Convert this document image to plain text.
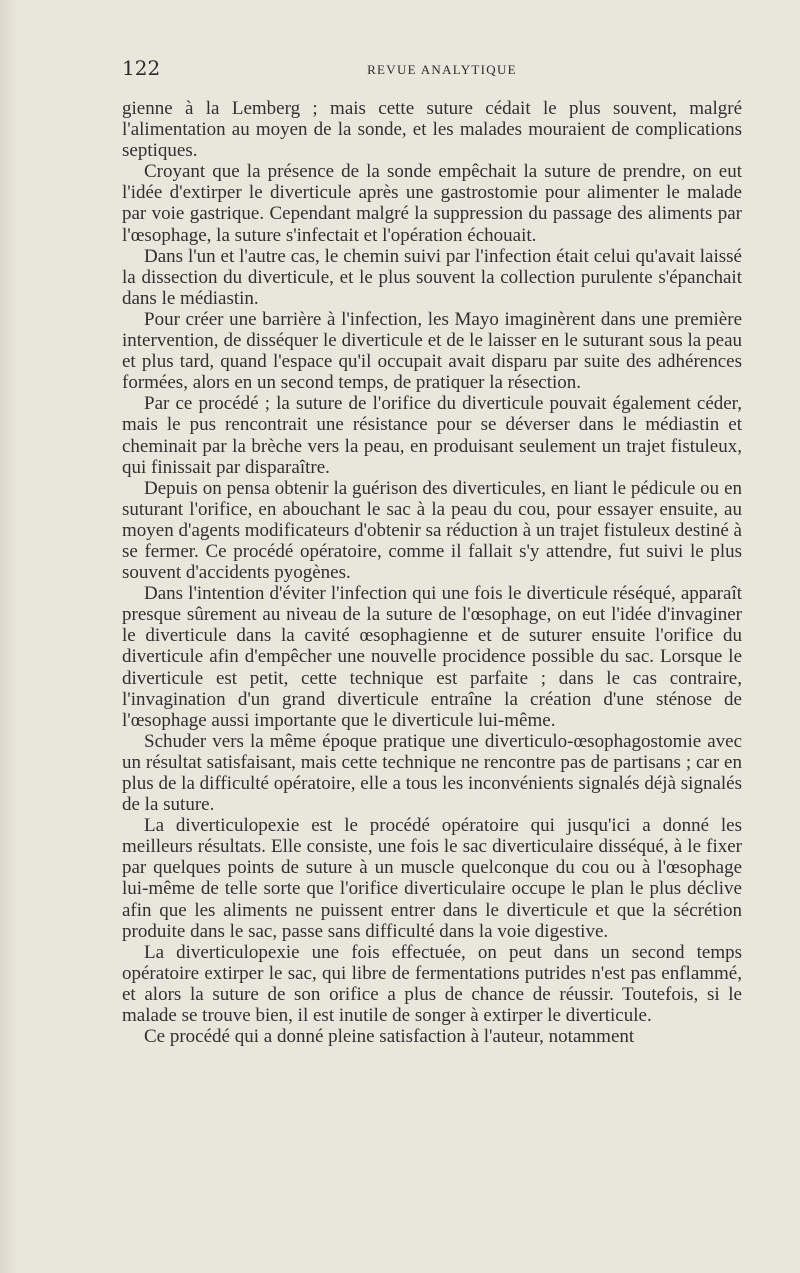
122	REVUE ANALYTIQUE

gienne à la Lemberg ; mais cette suture cédait le plus souvent, malgré l'alimentation au moyen de la sonde, et les malades mouraient de complications septiques.

Croyant que la présence de la sonde empêchait la suture de prendre, on eut l'idée d'extirper le diverticule après une gastrostomie pour alimenter le malade par voie gastrique. Cependant malgré la suppression du passage des aliments par l'œsophage, la suture s'infectait et l'opération échouait.

Dans l'un et l'autre cas, le chemin suivi par l'infection était celui qu'avait laissé la dissection du diverticule, et le plus souvent la collection purulente s'épanchait dans le médiastin.

Pour créer une barrière à l'infection, les Mayo imaginèrent dans une première intervention, de disséquer le diverticule et de le laisser en le suturant sous la peau et plus tard, quand l'espace qu'il occupait avait disparu par suite des adhérences formées, alors en un second temps, de pratiquer la résection.

Par ce procédé ; la suture de l'orifice du diverticule pouvait également céder, mais le pus rencontrait une résistance pour se déverser dans le médiastin et cheminait par la brèche vers la peau, en produisant seulement un trajet fistuleux, qui finissait par disparaître.

Depuis on pensa obtenir la guérison des diverticules, en liant le pédicule ou en suturant l'orifice, en abouchant le sac à la peau du cou, pour essayer ensuite, au moyen d'agents modificateurs d'obtenir sa réduction à un trajet fistuleux destiné à se fermer. Ce procédé opératoire, comme il fallait s'y attendre, fut suivi le plus souvent d'accidents pyogènes.

Dans l'intention d'éviter l'infection qui une fois le diverticule réséqué, apparaît presque sûrement au niveau de la suture de l'œsophage, on eut l'idée d'invaginer le diverticule dans la cavité œsophagienne et de suturer ensuite l'orifice du diverticule afin d'empêcher une nouvelle procidence possible du sac. Lorsque le diverticule est petit, cette technique est parfaite ; dans le cas contraire, l'invagination d'un grand diverticule entraîne la création d'une sténose de l'œsophage aussi importante que le diverticule lui-même.

Schuder vers la même époque pratique une diverticulo-œsophagostomie avec un résultat satisfaisant, mais cette technique ne rencontre pas de partisans ; car en plus de la difficulté opératoire, elle a tous les inconvénients signalés déjà signalés de la suture.

La diverticulopexie est le procédé opératoire qui jusqu'ici a donné les meilleurs résultats. Elle consiste, une fois le sac diverticulaire disséqué, à le fixer par quelques points de suture à un muscle quelconque du cou ou à l'œsophage lui-même de telle sorte que l'orifice diverticulaire occupe le plan le plus déclive afin que les aliments ne puissent entrer dans le diverticule et que la sécrétion produite dans le sac, passe sans difficulté dans la voie digestive.

La diverticulopexie une fois effectuée, on peut dans un second temps opératoire extirper le sac, qui libre de fermentations putrides n'est pas enflammé, et alors la suture de son orifice a plus de chance de réussir. Toutefois, si le malade se trouve bien, il est inutile de songer à extirper le diverticule.

Ce procédé qui a donné pleine satisfaction à l'auteur, notamment
